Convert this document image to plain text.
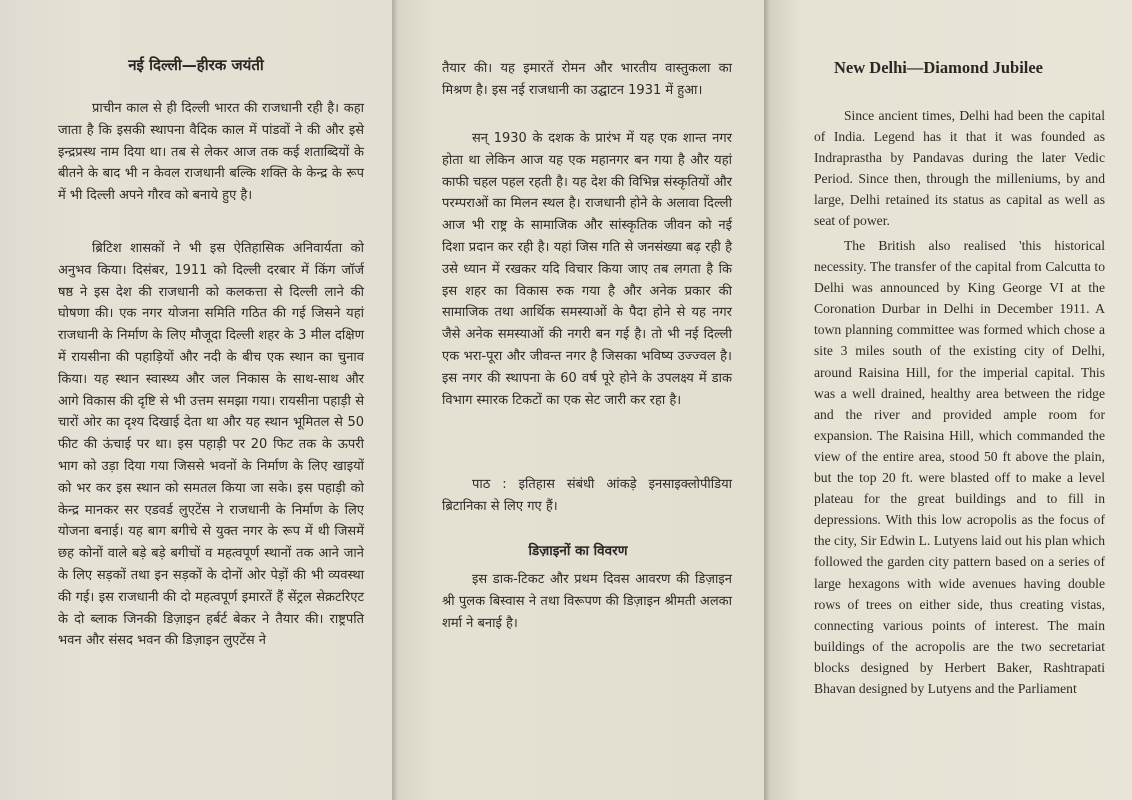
नई दिल्ली—हीरक जयंती

प्राचीन काल से ही दिल्ली भारत की राजधानी रही है। कहा जाता है कि इसकी स्थापना वैदिक काल में पांडवों ने की और इसे इन्द्रप्रस्थ नाम दिया था। तब से लेकर आज तक कई शताब्दियों के बीतने के बाद भी न केवल राजधानी बल्कि शक्ति के केन्द्र के रूप में भी दिल्ली अपने गौरव को बनाये हुए है।

ब्रिटिश शासकों ने भी इस ऐतिहासिक अनिवार्यता को अनुभव किया। दिसंबर, 1911 को दिल्ली दरबार में किंग जॉर्ज षष्ठ ने इस देश की राजधानी को कलकत्ता से दिल्ली लाने की घोषणा की। एक नगर योजना समिति गठित की गई जिसने यहां राजधानी के निर्माण के लिए मौजूदा दिल्ली शहर के 3 मील दक्षिण में रायसीना की पहाड़ियों और नदी के बीच एक स्थान का चुनाव किया। यह स्थान स्वास्थ्य और जल निकास के साथ-साथ और आगे विकास की दृष्टि से भी उत्तम समझा गया। रायसीना पहाड़ी से चारों ओर का दृश्य दिखाई देता था और यह स्थान भूमितल से 50 फीट की ऊंचाई पर था। इस पहाड़ी पर 20 फिट तक के ऊपरी भाग को उड़ा दिया गया जिससे भवनों के निर्माण के लिए खाइयों को भर कर इस स्थान को समतल किया जा सके। इस पहाड़ी को केन्द्र मानकर सर एडवर्ड लुएटेंस ने राजधानी के निर्माण के लिए योजना बनाई। यह बाग बगीचे से युक्त नगर के रूप में थी जिसमें छह कोनों वाले बड़े बड़े बगीचों व महत्वपूर्ण स्थानों तक आने जाने के लिए सड़कों तथा इन सड़कों के दोनों ओर पेड़ों की भी व्यवस्था की गई। इस राजधानी की दो महत्वपूर्ण इमारतें हैं सेंट्रल सेक्रटरिएट के दो ब्लाक जिनकी डिज़ाइन हर्बर्ट बेकर ने तैयार की। राष्ट्रपति भवन और संसद भवन की डिज़ाइन लुएटेंस ने

तैयार की। यह इमारतें रोमन और भारतीय वास्तुकला का मिश्रण है। इस नई राजधानी का उद्घाटन 1931 में हुआ।

सन् 1930 के दशक के प्रारंभ में यह एक शान्त नगर होता था लेकिन आज यह एक महानगर बन गया है और यहां काफी चहल पहल रहती है। यह देश की विभिन्न संस्कृतियों और परम्पराओं का मिलन स्थल है। राजधानी होने के अलावा दिल्ली आज भी राष्ट्र के सामाजिक और सांस्कृतिक जीवन को नई दिशा प्रदान कर रही है। यहां जिस गति से जनसंख्या बढ़ रही है उसे ध्यान में रखकर यदि विचार किया जाए तब लगता है कि इस शहर का विकास रुक गया है और अनेक प्रकार की सामाजिक तथा आर्थिक समस्याओं के पैदा होने से यह नगर जैसे अनेक समस्याओं की नगरी बन गई है। तो भी नई दिल्ली एक भरा-पूरा और जीवन्त नगर है जिसका भविष्य उज्ज्वल है। इस नगर की स्थापना के 60 वर्ष पूरे होने के उपलक्ष्य में डाक विभाग स्मारक टिकटों का एक सेट जारी कर रहा है।

पाठ : इतिहास संबंधी आंकड़े इनसाइक्लोपीडिया ब्रिटानिका से लिए गए हैं।

डिज़ाइनों का विवरण

इस डाक-टिकट और प्रथम दिवस आवरण की डिज़ाइन श्री पुलक बिस्वास ने तथा विरूपण की डिज़ाइन श्रीमती अलका शर्मा ने बनाई है।

New Delhi—Diamond Jubilee

Since ancient times, Delhi had been the capital of India. Legend has it that it was founded as Indraprastha by Pandavas during the later Vedic Period. Since then, through the milleniums, by and large, Delhi retained its status as capital as well as seat of power.

The British also realised 'this historical necessity. The transfer of the capital from Calcutta to Delhi was announced by King George VI at the Coronation Durbar in Delhi in December 1911. A town planning committee was formed which chose a site 3 miles south of the existing city of Delhi, around Raisina Hill, for the imperial capital. This was a well drained, healthy area between the ridge and the river and provided ample room for expansion. The Raisina Hill, which commanded the view of the entire area, stood 50 ft above the plain, but the top 20 ft. were blasted off to make a level plateau for the great buildings and to fill in depressions. With this low acropolis as the focus of the city, Sir Edwin L. Lutyens laid out his plan which followed the garden city pattern based on a series of large hexagons with wide avenues having double rows of trees on either side, thus creating vistas, connecting various points of interest. The main buildings of the acropolis are the two secretariat blocks designed by Herbert Baker, Rashtrapati Bhavan designed by Lutyens and the Parliament
